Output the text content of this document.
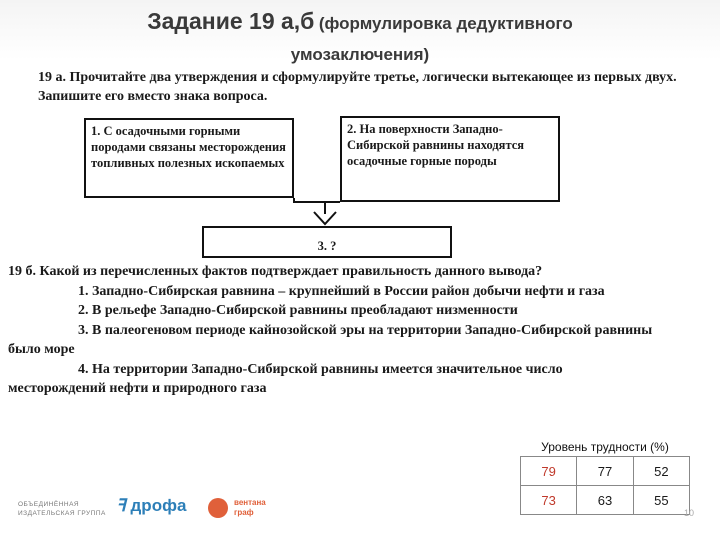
Задание 19 а,б (формулировка дедуктивного
умозаключения)
19 а. Прочитайте два утверждения и сформулируйте третье, логически вытекающее из первых двух. Запишите его вместо знака вопроса.
1. С осадочными горными породами связаны месторождения топливных полезных ископаемых
2. На поверхности Западно-Сибирской равнины находятся осадочные горные породы
3. ?

19 б. Какой из перечисленных фактов подтверждает правильность данного вывода?

1. Западно-Сибирская равнина – крупнейший в России район добычи нефти и газа

2. В рельефе Западно-Сибирской равнины преобладают низменности

3. В палеогеновом периоде кайнозойской эры на территории Западно-Сибирской равнины было море

4. На территории Западно-Сибирской равнины имеется значительное число месторождений нефти и природного газа

Уровень трудности (%)
79	77	52
73	63	55
ОБЪЕДИНЁННАЯ
ИЗДАТЕЛЬСКАЯ ГРУППА ꟻ дрофа	вентана
граф	10
